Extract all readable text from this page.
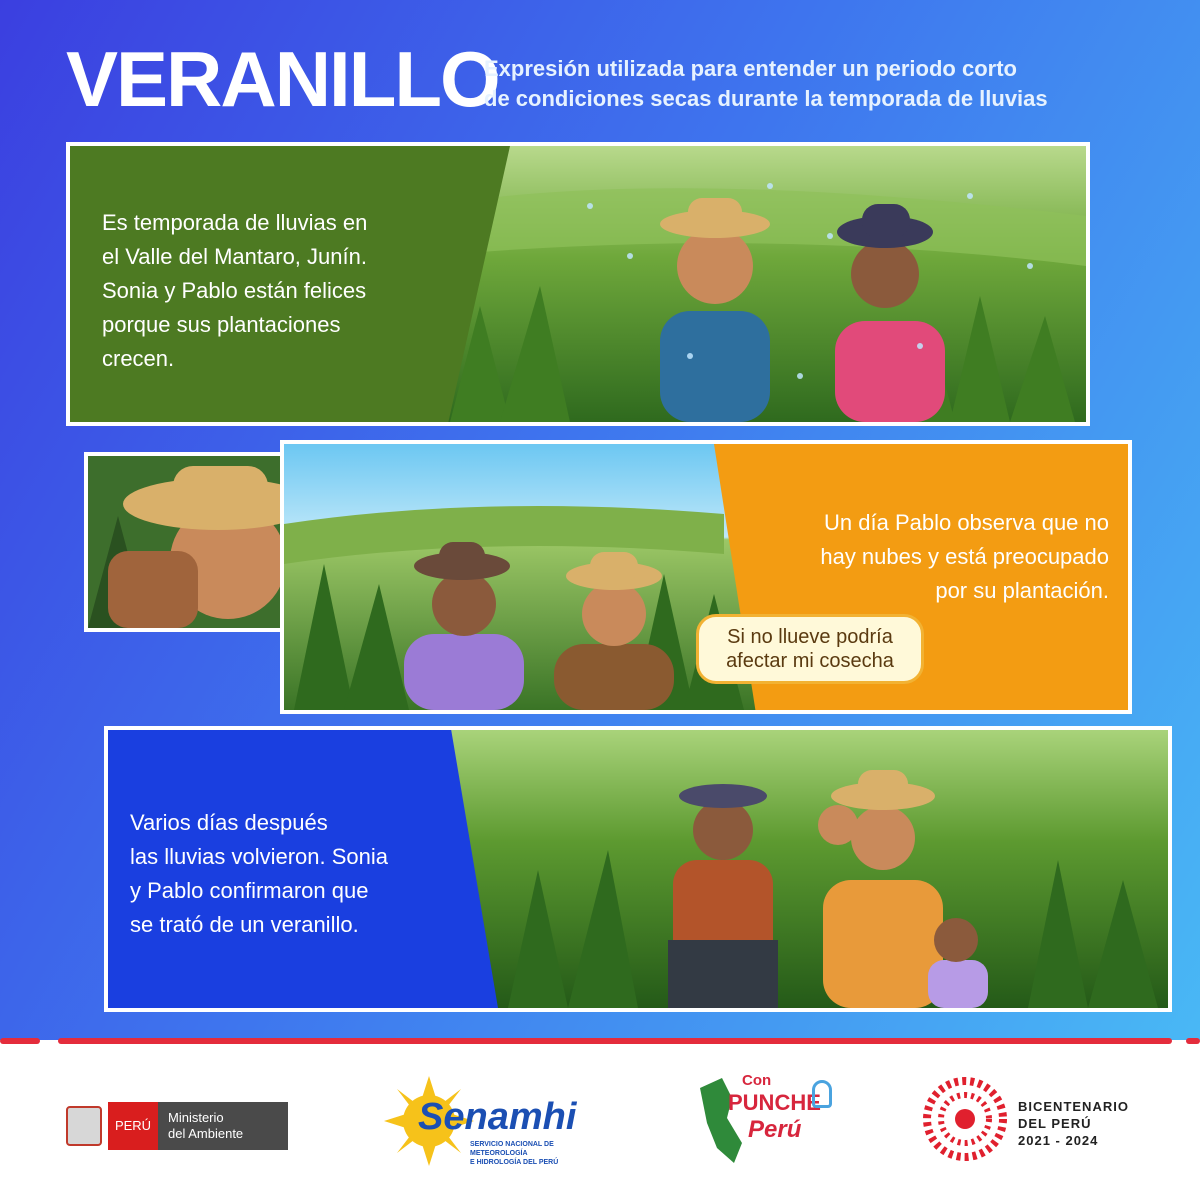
VERANILLO
Expresión utilizada para entender un periodo corto
de condiciones secas durante la temporada de lluvias
Es temporada de lluvias en
el Valle del Mantaro, Junín.
Sonia y Pablo están felices
porque sus plantaciones
crecen.
Un día Pablo observa que no
hay nubes y está preocupado
por su plantación.
Si no llueve podría
afectar mi cosecha
Varios días después
las lluvias volvieron. Sonia
y Pablo confirmaron que
se trató de un veranillo.
PERÚ
Ministerio
del Ambiente	Senamhi
SERVICIO NACIONAL DE METEOROLOGÍA
E HIDROLOGÍA DEL PERÚ
Con
PUNCHE
Perú
BICENTENARIO
DEL PERÚ
2021 - 2024
